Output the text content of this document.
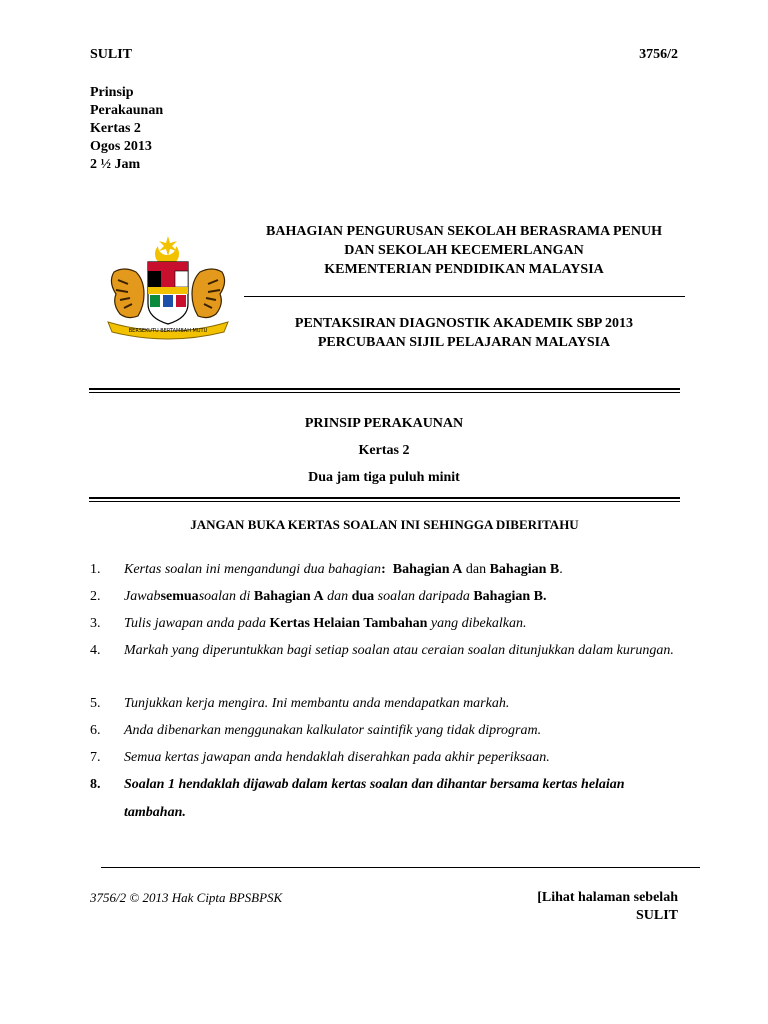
SULIT	3756/2
Prinsip
Perakaunan
Kertas 2
Ogos 2013
2 ½ Jam
BERSEKUTU BERTAMBAH MUTU
BAHAGIAN PENGURUSAN SEKOLAH BERASRAMA PENUH
DAN SEKOLAH KECEMERLANGAN
KEMENTERIAN PENDIDIKAN MALAYSIA
PENTAKSIRAN DIAGNOSTIK AKADEMIK SBP 2013
PERCUBAAN SIJIL PELAJARAN MALAYSIA
PRINSIP PERAKAUNAN
Kertas 2
Dua jam tiga puluh minit
JANGAN BUKA KERTAS SOALAN INI SEHINGGA DIBERITAHU
1. Kertas soalan ini mengandungi dua bahagian: Bahagian A dan Bahagian B.
2. Jawabsemuasoalan di Bahagian A dan dua soalan daripada Bahagian B.
3. Tulis jawapan anda pada Kertas Helaian Tambahan yang dibekalkan.
4. Markah yang diperuntukkan bagi setiap soalan atau ceraian soalan ditunjukkan dalam kurungan.
5. Tunjukkan kerja mengira. Ini membantu anda mendapatkan markah.
6. Anda dibenarkan menggunakan kalkulator saintifik yang tidak diprogram.
7. Semua kertas jawapan anda hendaklah diserahkan pada akhir peperiksaan.
8. Soalan 1 hendaklah dijawab dalam kertas soalan dan dihantar bersama kertas helaian tambahan.
3756/2 © 2013 Hak Cipta BPSBPSK	[Lihat halaman sebelah
SULIT
